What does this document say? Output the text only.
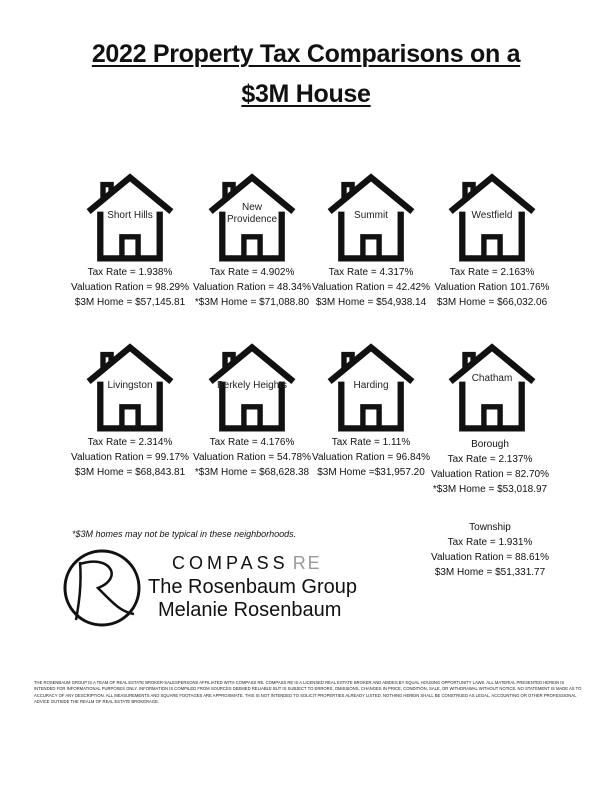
2022 Property Tax Comparisons on a
$3M House
Short Hills
Tax Rate = 1.938%
Valuation Ration = 98.29%
$3M Home = $57,145.81
New
Providence
Tax Rate = 4.902%
Valuation Ration = 48.34%
*$3M Home = $71,088.80
Summit
Tax Rate = 4.317%
Valuation Ration = 42.42%
$3M Home = $54,938.14
Westfield
Tax Rate = 2.163%
Valuation Ration 101.76%
$3M Home = $66,032.06
Livingston
Tax Rate = 2.314%
Valuation Ration = 99.17%
$3M Home = $68,843.81
Berkely Heights
Tax Rate = 4.176%
Valuation Ration = 54.78%
*$3M Home = $68,628.38
Harding
Tax Rate = 1.11%
Valuation Ration = 96.84%
$3M Home =$31,957.20
Chatham
Borough
Tax Rate = 2.137%
Valuation Ration = 82.70%
*$3M Home = $53,018.97
Township
Tax Rate = 1.931%
Valuation Ration = 88.61%
$3M Home = $51,331.77

*$3M homes may not be typical in these neighborhoods.

COMPASS RE

The Rosenbaum Group

Melanie Rosenbaum

THE ROSENBAUM GROUP IS A TEAM OF REAL ESTATE BROKER-SALESPERSONS AFFILIATED WITH COMPASS RE. COMPASS RE IS A LICENSED REAL ESTATE BROKER AND ABIDES BY EQUAL HOUSING OPPORTUNITY LAWS. ALL MATERIAL PRESENTED HEREIN IS INTENDED FOR INFORMATIONAL PURPOSES ONLY. INFORMATION IS COMPILED FROM SOURCES DEEMED RELIABLE BUT IS SUBJECT TO ERRORS, OMISSIONS, CHANGES IN PRICE, CONDITION, SALE, OR WITHDRAWAL WITHOUT NOTICE. NO STATEMENT IS MADE AS TO ACCURACY OF ANY DESCRIPTION. ALL MEASUREMENTS AND SQUARE FOOTAGES ARE APPROXIMATE. THIS IS NOT INTENDED TO SOLICIT PROPERTIES ALREADY LISTED. NOTHING HEREIN SHALL BE CONSTRUED AS LEGAL, ACCOUNTING OR OTHER PROFESSIONAL ADVICE OUTSIDE THE REALM OF REAL ESTATE BROKERAGE.
